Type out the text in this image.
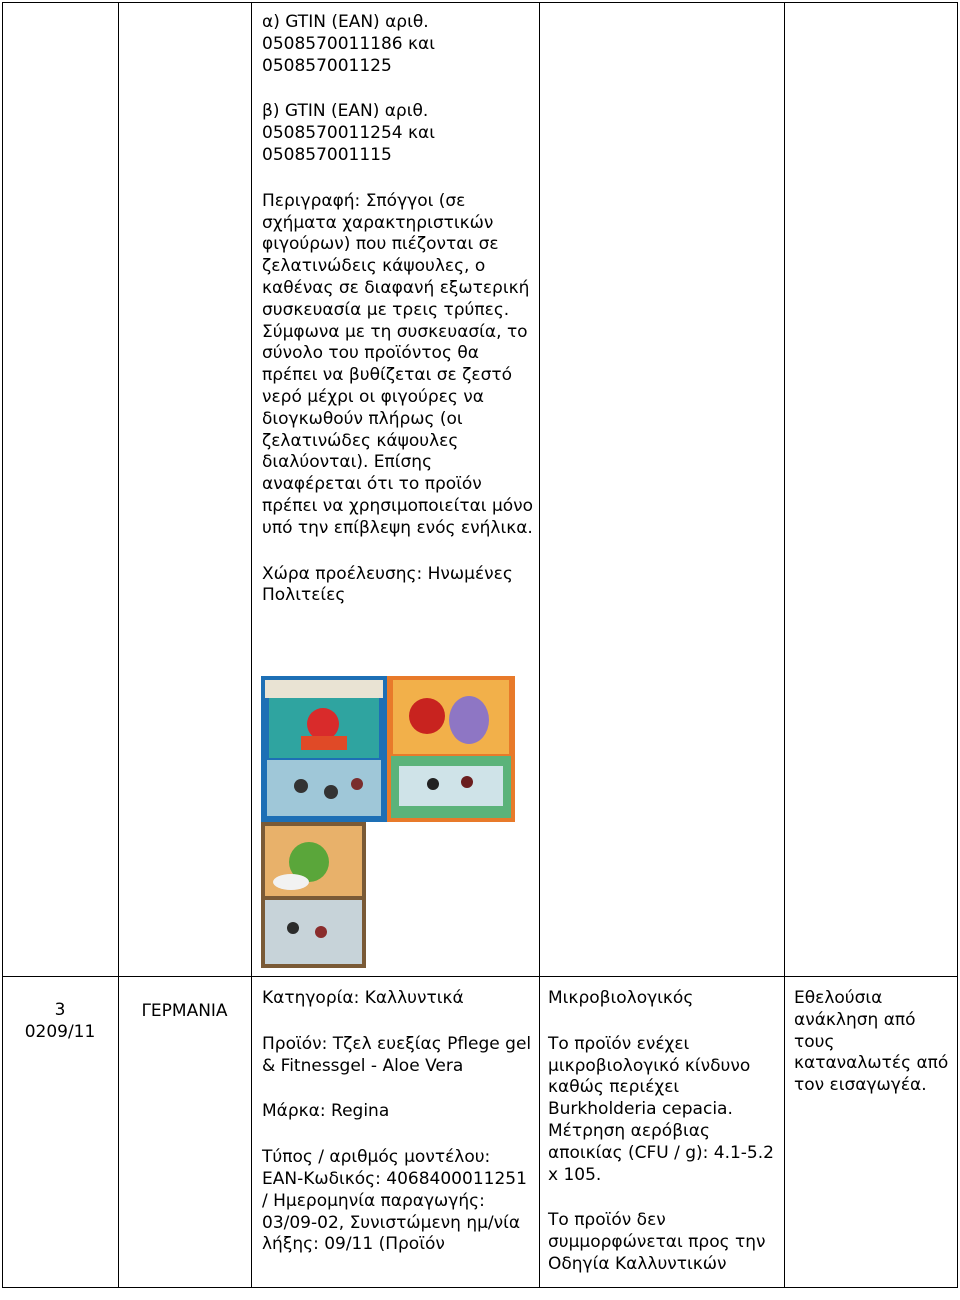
α) GTIN (EAN) αριθ.
0508570011186 και
050857001125

β) GTIN (EAN) αριθ.
0508570011254 και
050857001115

Περιγραφή: Σπόγγοι (σε σχήματα χαρακτηριστικών φιγούρων) που πιέζονται σε ζελατινώδεις κάψουλες, ο καθένας σε διαφανή εξωτερική συσκευασία με τρεις τρύπες. Σύμφωνα με τη συσκευασία, το σύνολο του προϊόντος θα πρέπει να βυθίζεται σε ζεστό νερό μέχρι οι φιγούρες να διογκωθούν πλήρως (οι ζελατινώδες κάψουλες διαλύονται). Επίσης αναφέρεται ότι το προϊόν πρέπει να χρησιμοποιείται μόνο υπό την επίβλεψη ενός ενήλικα.

Χώρα προέλευσης: Ηνωμένες Πολιτείες

3
0209/11
ΓΕΡΜΑΝΙΑ

Κατηγορία: Καλλυντικά

Προϊόν: Τζελ ευεξίας Pflege gel & Fitnessgel - Aloe Vera

Μάρκα: Regina

Τύπος / αριθμός μοντέλου: ΕΑΝ-Κωδικός: 4068400011251 / Ημερομηνία παραγωγής: 03/09-02, Συνιστώμενη ημ/νία λήξης: 09/11 (Προϊόν

Μικροβιολογικός

Το προϊόν ενέχει μικροβιολογικό κίνδυνο καθώς περιέχει Burkholderia cepacia. Μέτρηση αερόβιας αποικίας (CFU / g): 4.1-5.2 x 105.

Το προϊόν δεν συμμορφώνεται προς την Οδηγία Καλλυντικών

Εθελούσια ανάκληση από τους καταναλωτές από τον εισαγωγέα.
